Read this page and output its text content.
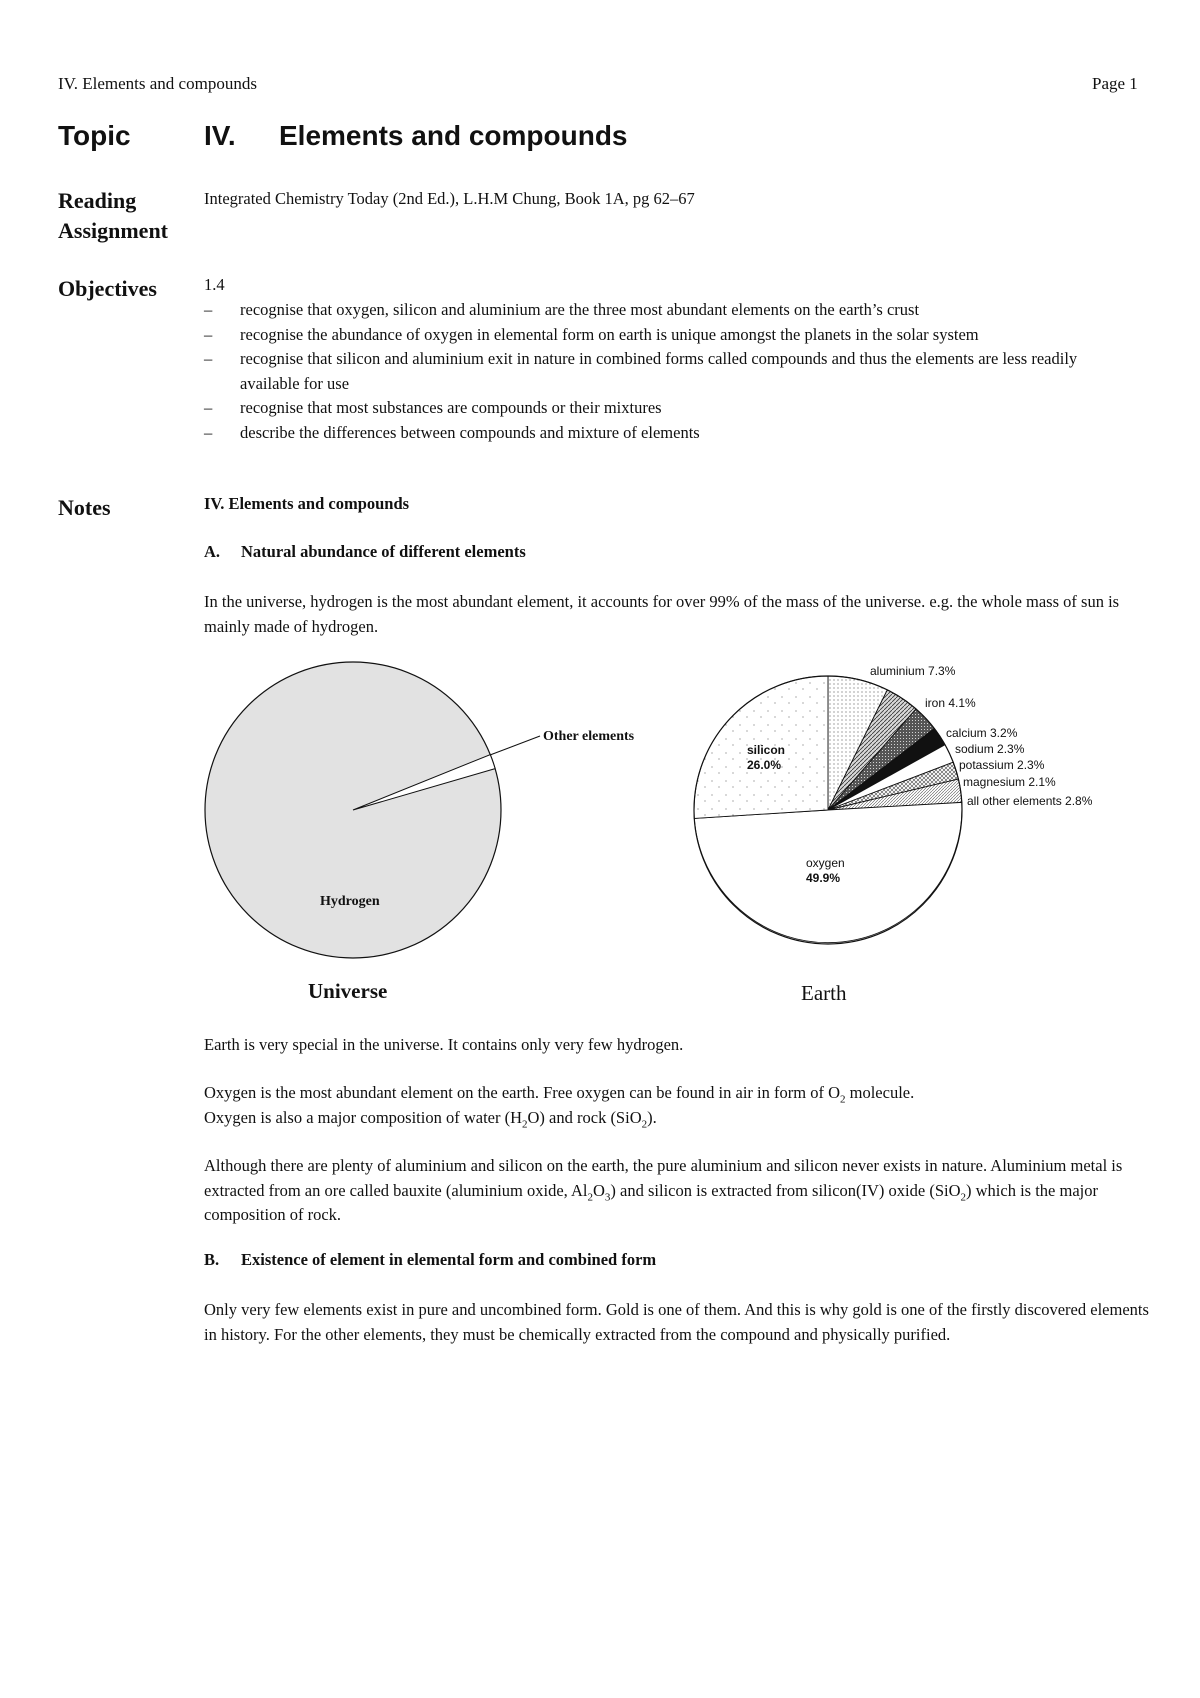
IV. Elements and compounds	Page 1
Topic	IV. Elements and compounds
Reading
Assignment
Integrated Chemistry Today (2nd Ed.), L.H.M Chung, Book 1A, pg 62–67
Objectives	1.4
– recognise that oxygen, silicon and aluminium are the three most abundant elements on the earth’s crust
– recognise the abundance of oxygen in elemental form on earth is unique amongst the planets in the solar system
– recognise that silicon and aluminium exit in nature in combined forms called compounds and thus the elements are less readily available for use
– recognise that most substances are compounds or their mixtures
– describe the differences between compounds and mixture of elements
Notes	IV. Elements and compounds
A. Natural abundance of different elements
In the universe, hydrogen is the most abundant element, it accounts for over 99% of the mass of the universe. e.g. the whole mass of sun is mainly made of hydrogen.
Other elements
Hydrogen
Universe
aluminium 7.3%
iron 4.1%
calcium 3.2%
sodium 2.3%
potassium 2.3%
magnesium 2.1%
all other elements 2.8%
silicon
26.0%
oxygen
49.9%
Earth
Earth is very special in the universe. It contains only very few hydrogen.
Oxygen is the most abundant element on the earth. Free oxygen can be found in air in form of $O_2$ molecule.
Oxygen is also a major composition of water $(H_2O)$ and rock (SiO$_2$).
Although there are plenty of aluminium and silicon on the earth, the pure aluminium and silicon never exists in nature. Aluminium metal is extracted from an ore called bauxite (aluminium oxide, $Al_2O_3$) and silicon is extracted from silicon(IV) oxide (SiO$_2$) which is the major composition of rock.
B. Existence of element in elemental form and combined form
Only very few elements exist in pure and uncombined form. Gold is one of them. And this is why gold is one of the firstly discovered elements in history. For the other elements, they must be chemically extracted from the compound and physically purified.
